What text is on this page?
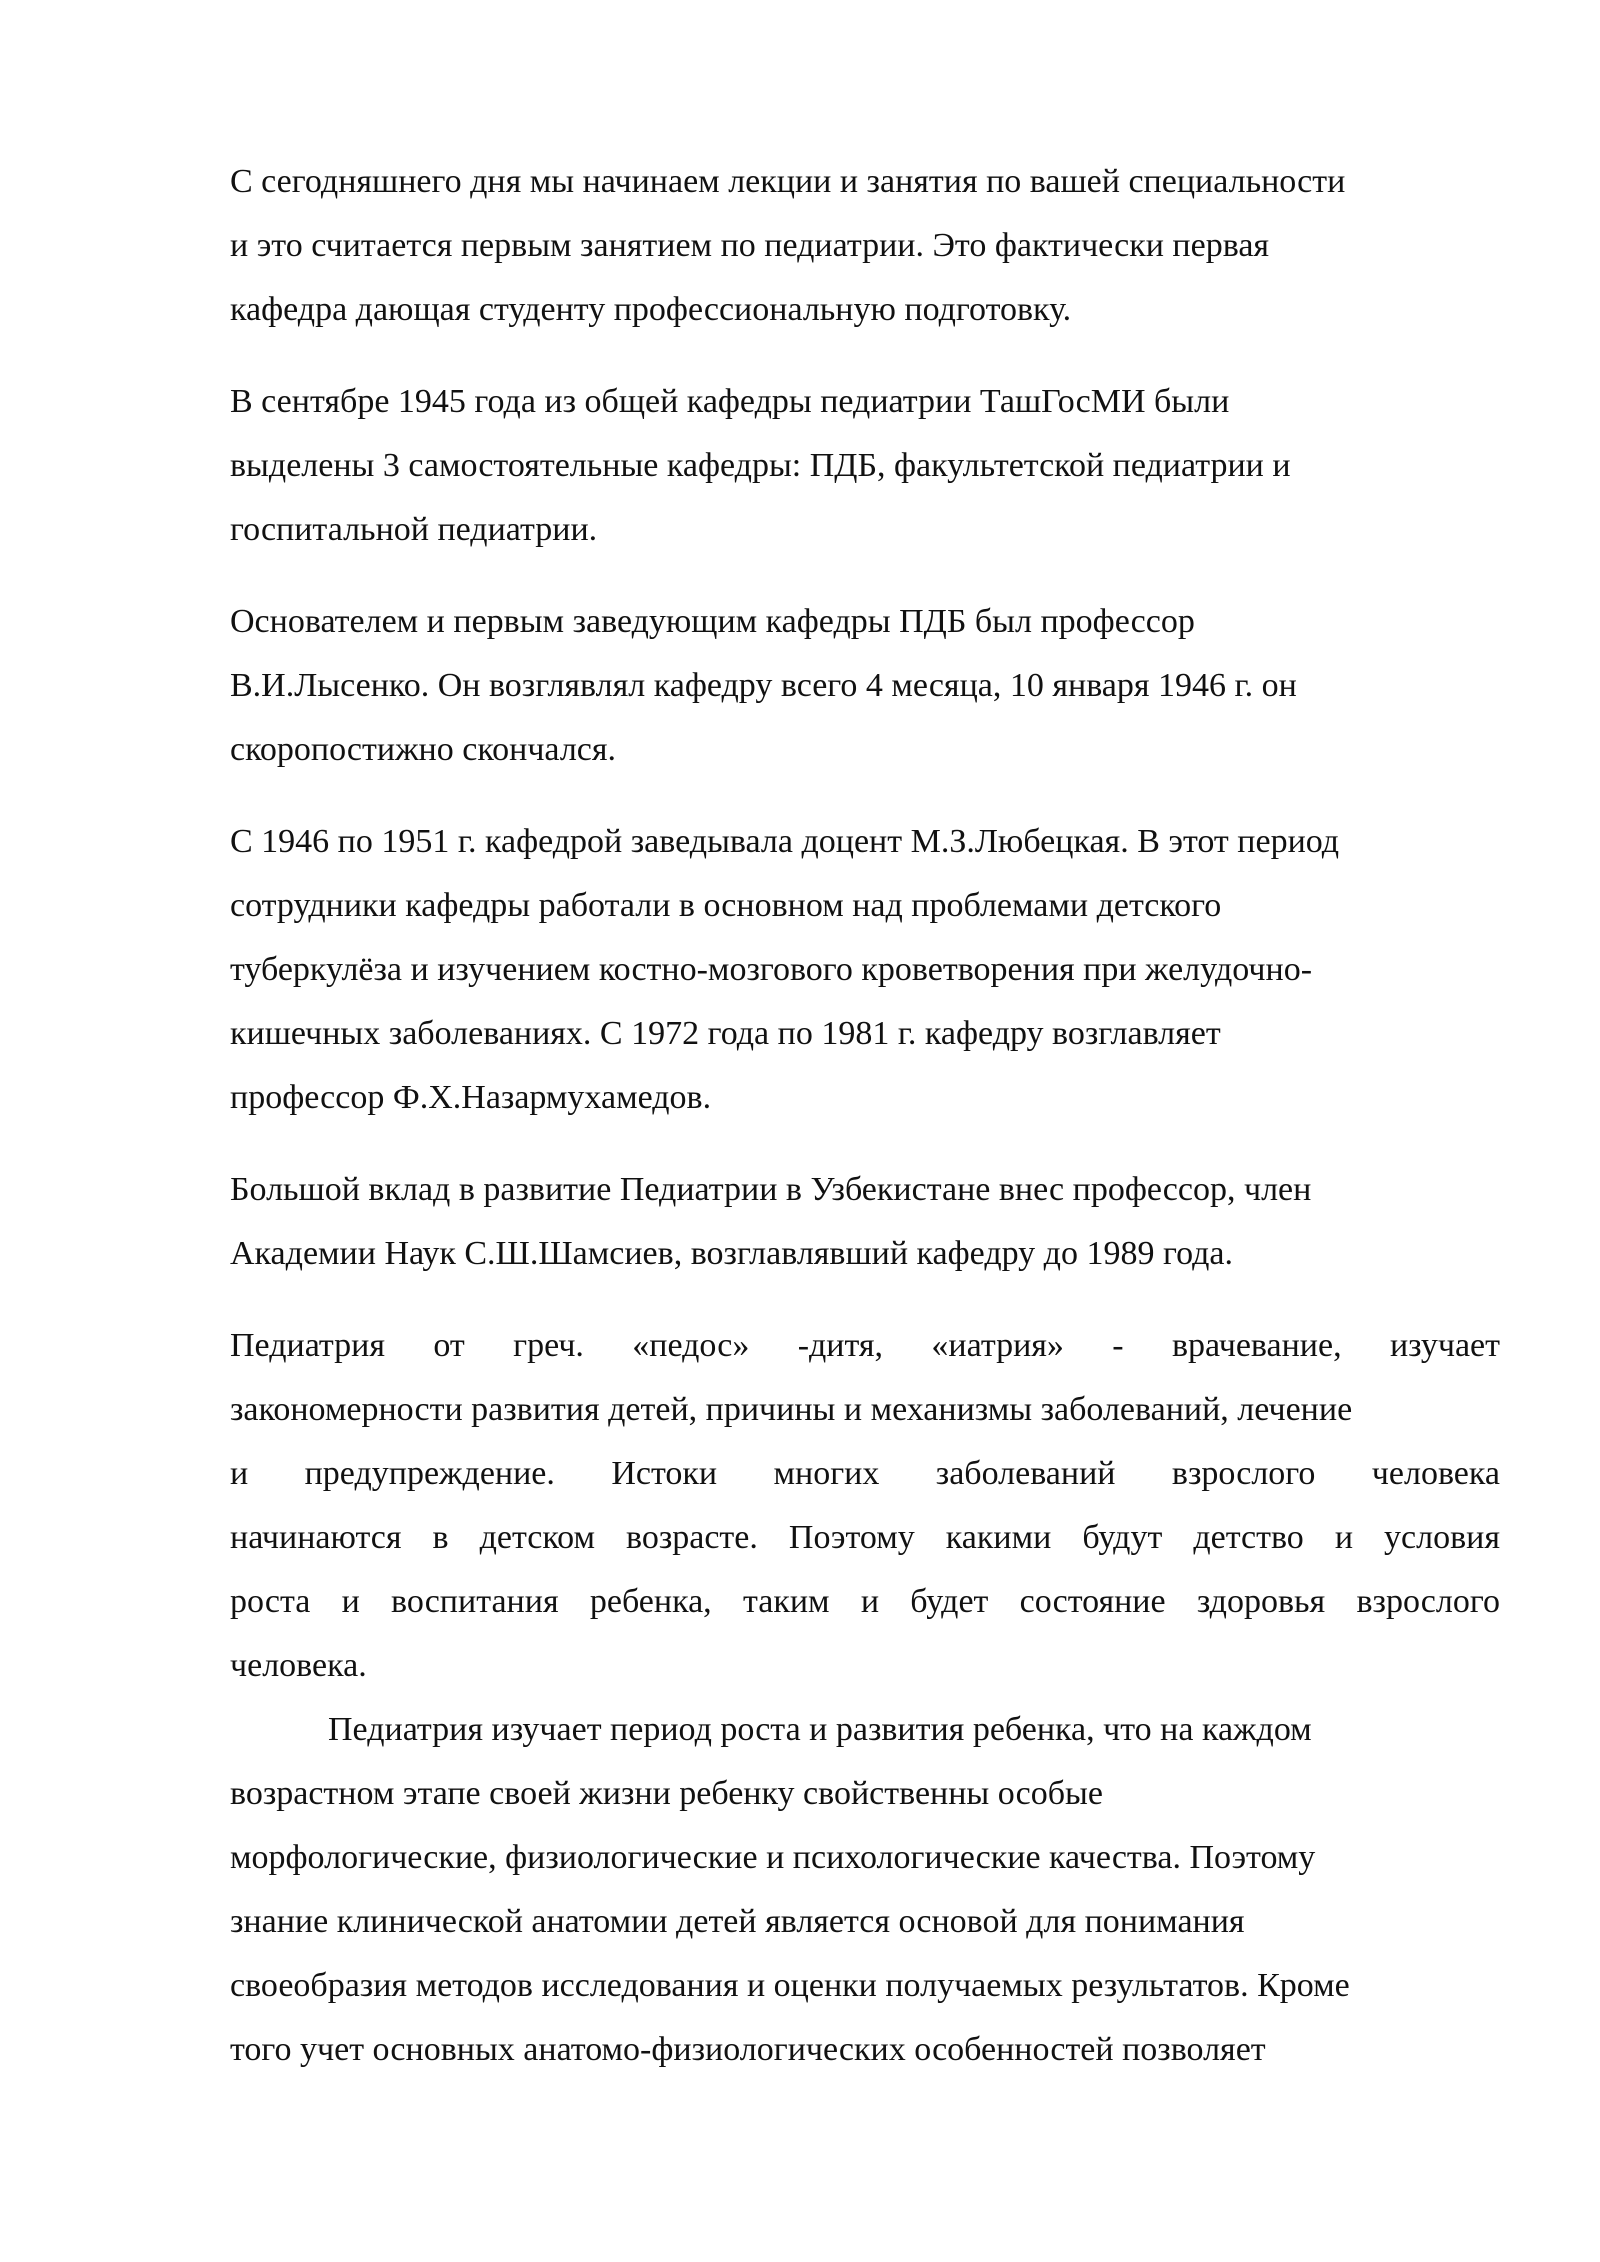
С сегодняшнего дня мы начинаем лекции и занятия по вашей специальности
и это считается первым занятием по педиатрии. Это фактически первая
кафедра дающая студенту профессиональную подготовку.
В сентябре 1945 года из общей кафедры педиатрии ТашГосМИ были
выделены 3 самостоятельные кафедры: ПДБ, факультетской педиатрии и
госпитальной педиатрии.
Основателем и первым заведующим кафедры ПДБ был профессор
В.И.Лысенко. Он возглявлял кафедру всего 4 месяца, 10 января 1946 г. он
скоропостижно скончался.
С 1946 по 1951 г. кафедрой заведывала доцент М.З.Любецкая. В этот период
сотрудники кафедры работали в основном над проблемами детского
туберкулёза и изучением костно-мозгового кроветворения при желудочно-
кишечных заболеваниях. С 1972 года по 1981 г. кафедру возглавляет
профессор Ф.Х.Назармухамедов.
Большой вклад в развитие Педиатрии в Узбекистане внес профессор, член
Академии Наук С.Ш.Шамсиев, возглавлявший кафедру до 1989 года.
Педиатрия от греч. «педос» -дитя, «иатрия» - врачевание, изучает
закономерности развития детей, причины и механизмы заболеваний, лечение
и предупреждение. Истоки многих заболеваний взрослого человека
начинаются в детском возрасте. Поэтому какими будут детство и условия
роста и воспитания ребенка, таким и будет состояние здоровья взрослого
человека.
Педиатрия изучает период роста и развития ребенка, что на каждом
возрастном этапе своей жизни ребенку свойственны особые
морфологические, физиологические и психологические качества. Поэтому
знание клинической анатомии детей является основой для понимания
своеобразия методов исследования и оценки получаемых результатов. Кроме
того учет основных анатомо-физиологических особенностей позволяет
